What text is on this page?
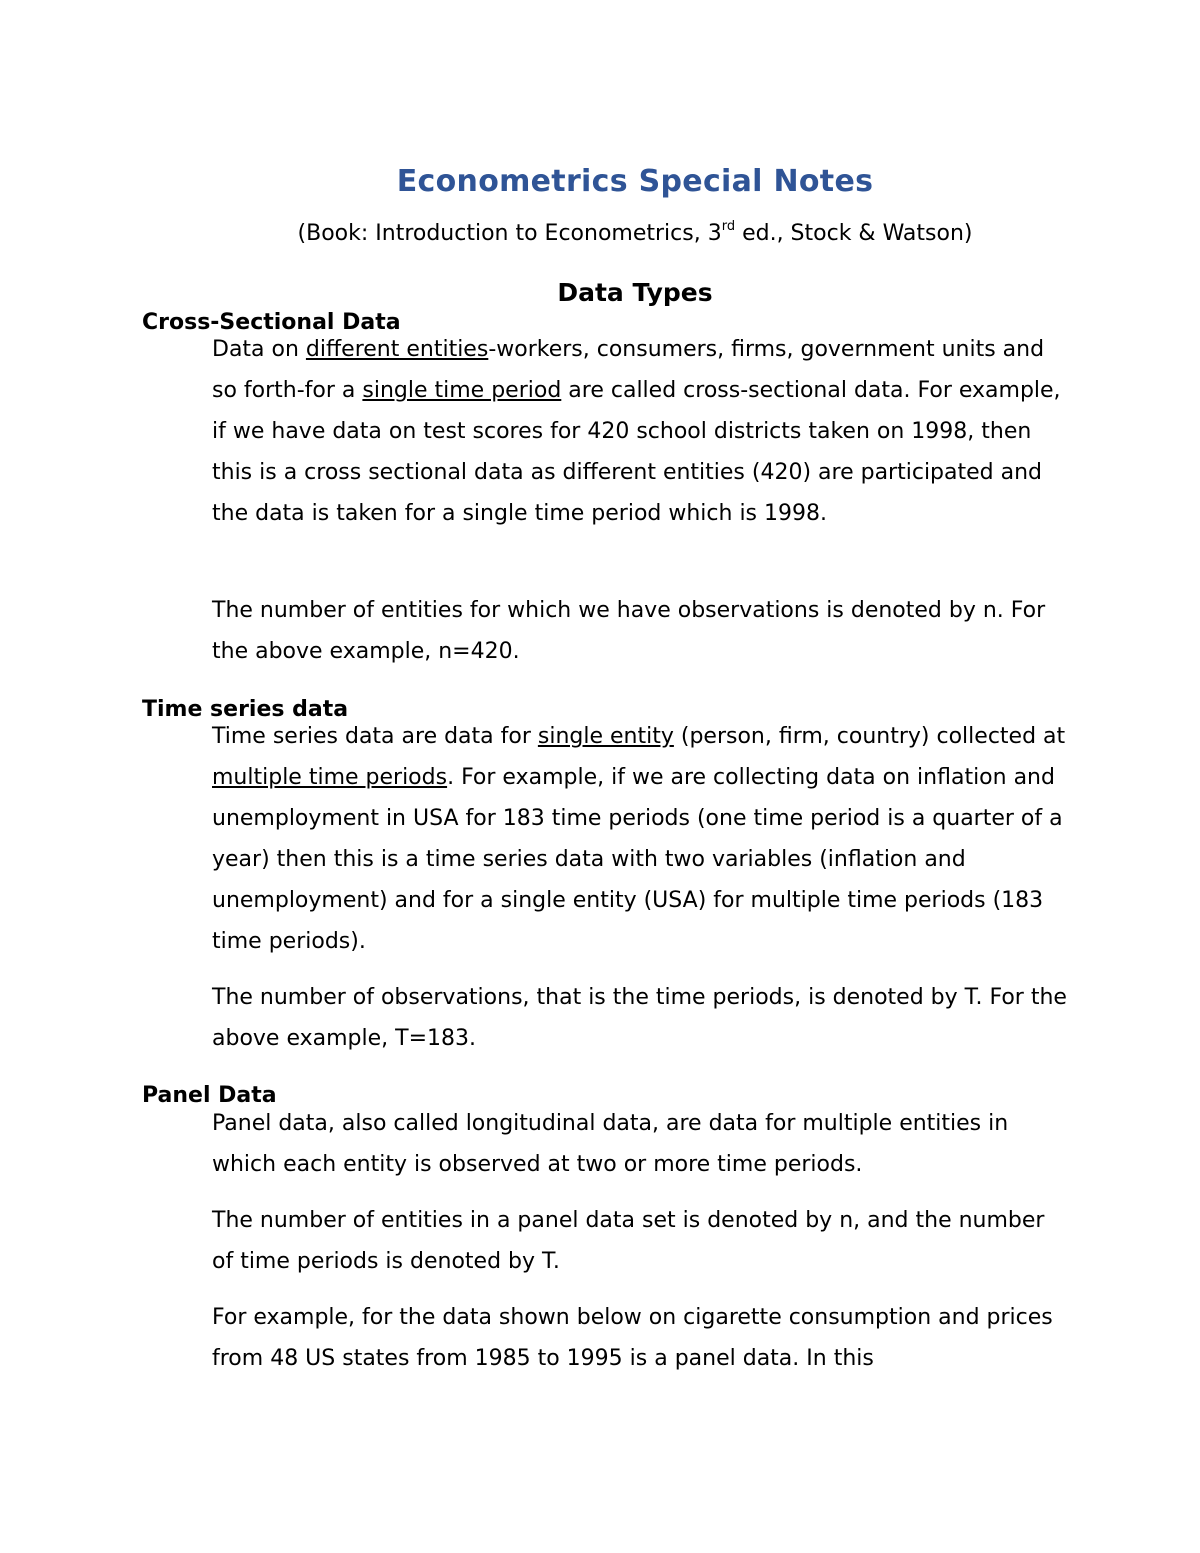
Econometrics Special Notes

(Book: Introduction to Econometrics, 3rd ed., Stock & Watson)

Data Types
Cross-Sectional Data

Data on different entities-workers, consumers, firms, government units and so forth-for a single time period are called cross-sectional data. For example, if we have data on test scores for 420 school districts taken on 1998, then this is a cross sectional data as different entities (420) are participated and the data is taken for a single time period which is 1998.

The number of entities for which we have observations is denoted by n. For the above example, n=420.

Time series data

Time series data are data for single entity (person, firm, country) collected at multiple time periods. For example, if we are collecting data on inflation and unemployment in USA for 183 time periods (one time period is a quarter of a year) then this is a time series data with two variables (inflation and unemployment) and for a single entity (USA) for multiple time periods (183 time periods).

The number of observations, that is the time periods, is denoted by T. For the above example, T=183.

Panel Data

Panel data, also called longitudinal data, are data for multiple entities in which each entity is observed at two or more time periods.

The number of entities in a panel data set is denoted by n, and the number of time periods is denoted by T.

For example, for the data shown below on cigarette consumption and prices from 48 US states from 1985 to 1995 is a panel data. In this
